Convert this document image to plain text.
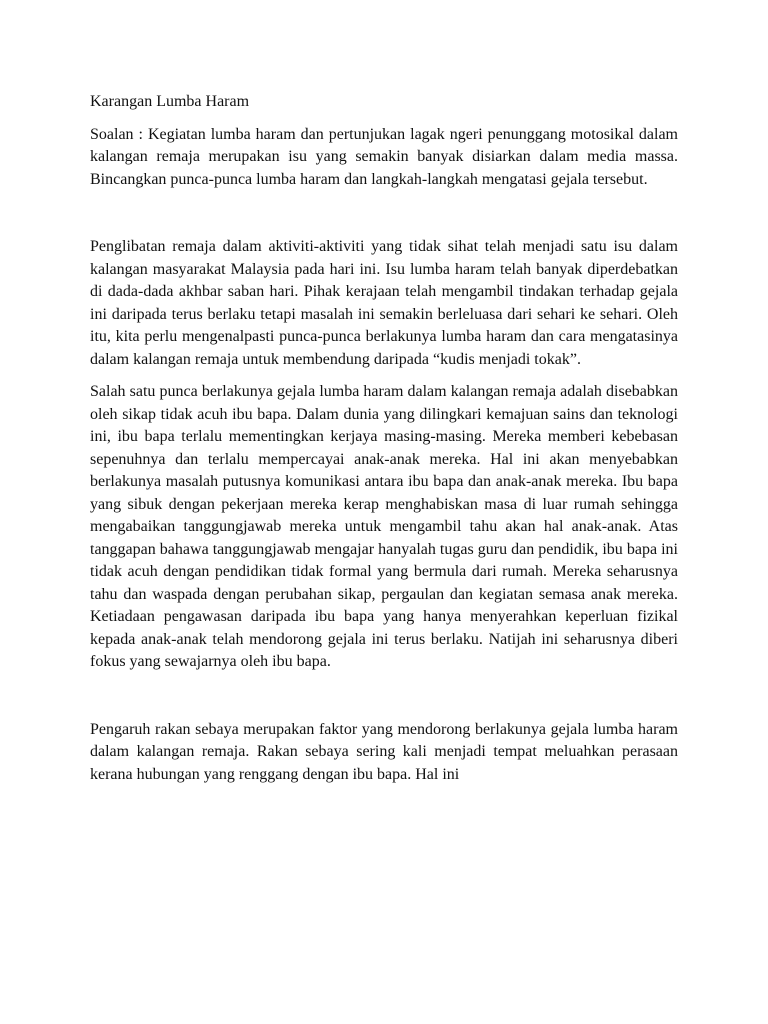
Karangan Lumba Haram

Soalan : Kegiatan lumba haram dan pertunjukan lagak ngeri penunggang motosikal dalam kalangan remaja merupakan isu yang semakin banyak disiarkan dalam media massa. Bincangkan punca-punca lumba haram dan langkah-langkah mengatasi gejala tersebut.

Penglibatan remaja dalam aktiviti-aktiviti yang tidak sihat telah menjadi satu isu dalam kalangan masyarakat Malaysia pada hari ini. Isu lumba haram telah banyak diperdebatkan di dada-dada akhbar saban hari. Pihak kerajaan telah mengambil tindakan terhadap gejala ini daripada terus berlaku tetapi masalah ini semakin berleluasa dari sehari ke sehari. Oleh itu, kita perlu mengenalpasti punca-punca berlakunya lumba haram dan cara mengatasinya dalam kalangan remaja untuk membendung daripada “kudis menjadi tokak”.

Salah satu punca berlakunya gejala lumba haram dalam kalangan remaja adalah disebabkan oleh sikap tidak acuh ibu bapa. Dalam dunia yang dilingkari kemajuan sains dan teknologi ini, ibu bapa terlalu mementingkan kerjaya masing-masing. Mereka memberi kebebasan sepenuhnya dan terlalu mempercayai anak-anak mereka. Hal ini akan menyebabkan berlakunya masalah putusnya komunikasi antara ibu bapa dan anak-anak mereka. Ibu bapa yang sibuk dengan pekerjaan mereka kerap menghabiskan masa di luar rumah sehingga mengabaikan tanggungjawab mereka untuk mengambil tahu akan hal anak-anak. Atas tanggapan bahawa tanggungjawab mengajar hanyalah tugas guru dan pendidik, ibu bapa ini tidak acuh dengan pendidikan tidak formal yang bermula dari rumah. Mereka seharusnya tahu dan waspada dengan perubahan sikap, pergaulan dan kegiatan semasa anak mereka. Ketiadaan pengawasan daripada ibu bapa yang hanya menyerahkan keperluan fizikal kepada anak-anak telah mendorong gejala ini terus berlaku. Natijah ini seharusnya diberi fokus yang sewajarnya oleh ibu bapa.

Pengaruh rakan sebaya merupakan faktor yang mendorong berlakunya gejala lumba haram dalam kalangan remaja. Rakan sebaya sering kali menjadi tempat meluahkan perasaan kerana hubungan yang renggang dengan ibu bapa. Hal ini
